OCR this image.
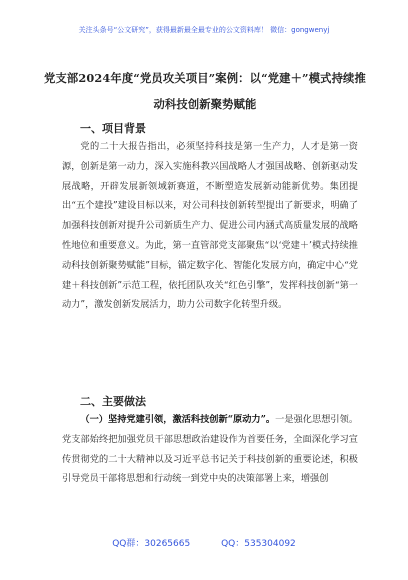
关注头条号“公文研究”，获得最新最全最专业的公文资料库！ 微信：gongwenyj
党支部2024年度“党员攻关项目”案例：以“党建＋”模式持续推动科技创新聚势赋能
一、项目背景
党的二十大报告指出，必须坚持科技是第一生产力，人才是第一资源，创新是第一动力，深入实施科教兴国战略人才强国战略、创新驱动发展战略，开辟发展新领域新赛道，不断塑造发展新动能新优势。集团提出“五个建投”建设目标以来，对公司科技创新转型提出了新要求，明确了加强科技创新对提升公司新质生产力、促进公司内涵式高质量发展的战略性地位和重要意义。为此，第一直管部党支部聚焦“以‘党建＋’模式持续推动科技创新聚势赋能”目标，锚定数字化、智能化发展方向，确定中心“党建＋科技创新”示范工程，依托团队攻关“红色引擎”，发挥科技创新“第一动力”，激发创新发展活力，助力公司数字化转型升级。
二、主要做法
（一）坚持党建引领，激活科技创新“原动力”。一是强化思想引领。党支部始终把加强党员干部思想政治建设作为首要任务，全面深化学习宣传贯彻党的二十大精神以及习近平总书记关于科技创新的重要论述，积极引导党员干部将思想和行动统一到党中央的决策部署上来，增强创
QQ群：30265665	QQ：535304092
